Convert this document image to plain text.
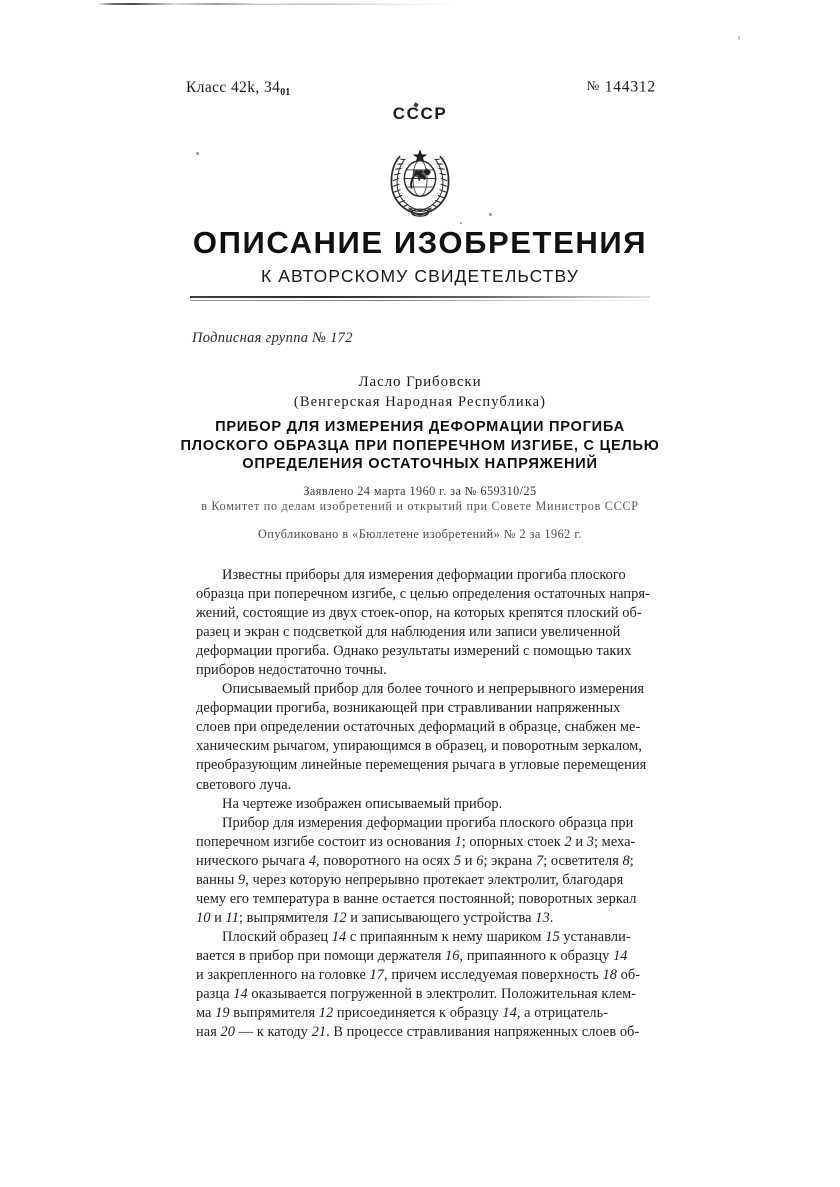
Класс 42k, $34_{01}$	№ 144312
СССР
ОПИСАНИЕ ИЗОБРЕТЕНИЯ
К АВТОРСКОМУ СВИДЕТЕЛЬСТВУ
Подписная группа № 172
Ласло Грибовски
(Венгерская Народная Республика)
ПРИБОР ДЛЯ ИЗМЕРЕНИЯ ДЕФОРМАЦИИ ПРОГИБА
ПЛОСКОГО ОБРАЗЦА ПРИ ПОПЕРЕЧНОМ ИЗГИБЕ, С ЦЕЛЬЮ
ОПРЕДЕЛЕНИЯ ОСТАТОЧНЫХ НАПРЯЖЕНИЙ
Заявлено 24 марта 1960 г. за № 659310/25
в Комитет по делам изобретений и открытий при Совете Министров СССР
Опубликовано в «Бюллетене изобретений» № 2 за 1962 г.

Известны приборы для измерения деформации прогиба плоского
образца при поперечном изгибе, с целью определения остаточных напря-
жений, состоящие из двух стоек-опор, на которых крепятся плоский об-
разец и экран с подсветкой для наблюдения или записи увеличенной
деформации прогиба. Однако результаты измерений с помощью таких
приборов недостаточно точны.

Описываемый прибор для более точного и непрерывного измерения
деформации прогиба, возникающей при стравливании напряженных
слоев при определении остаточных деформаций в образце, снабжен ме-
ханическим рычагом, упирающимся в образец, и поворотным зеркалом,
преобразующим линейные перемещения рычага в угловые перемещения
светового луча.

На чертеже изображен описываемый прибор.

Прибор для измерения деформации прогиба плоского образца при
поперечном изгибе состоит из основания 1; опорных стоек 2 и 3; меха-
нического рычага 4, поворотного на осях 5 и 6; экрана 7; осветителя 8;
ванны 9, через которую непрерывно протекает электролит, благодаря
чему его температура в ванне остается постоянной; поворотных зеркал
10 и 11; выпрямителя 12 и записывающего устройства 13.

Плоский образец 14 с припаянным к нему шариком 15 устанавли-
вается в прибор при помощи держателя 16, припаянного к образцу 14
и закрепленного на головке 17, причем исследуемая поверхность 18 об-
разца 14 оказывается погруженной в электролит. Положительная клем-
ма 19 выпрямителя 12 присоединяется к образцу 14, а отрицатель-
ная 20 — к катоду 21. В процессе стравливания напряженных слоев об-
